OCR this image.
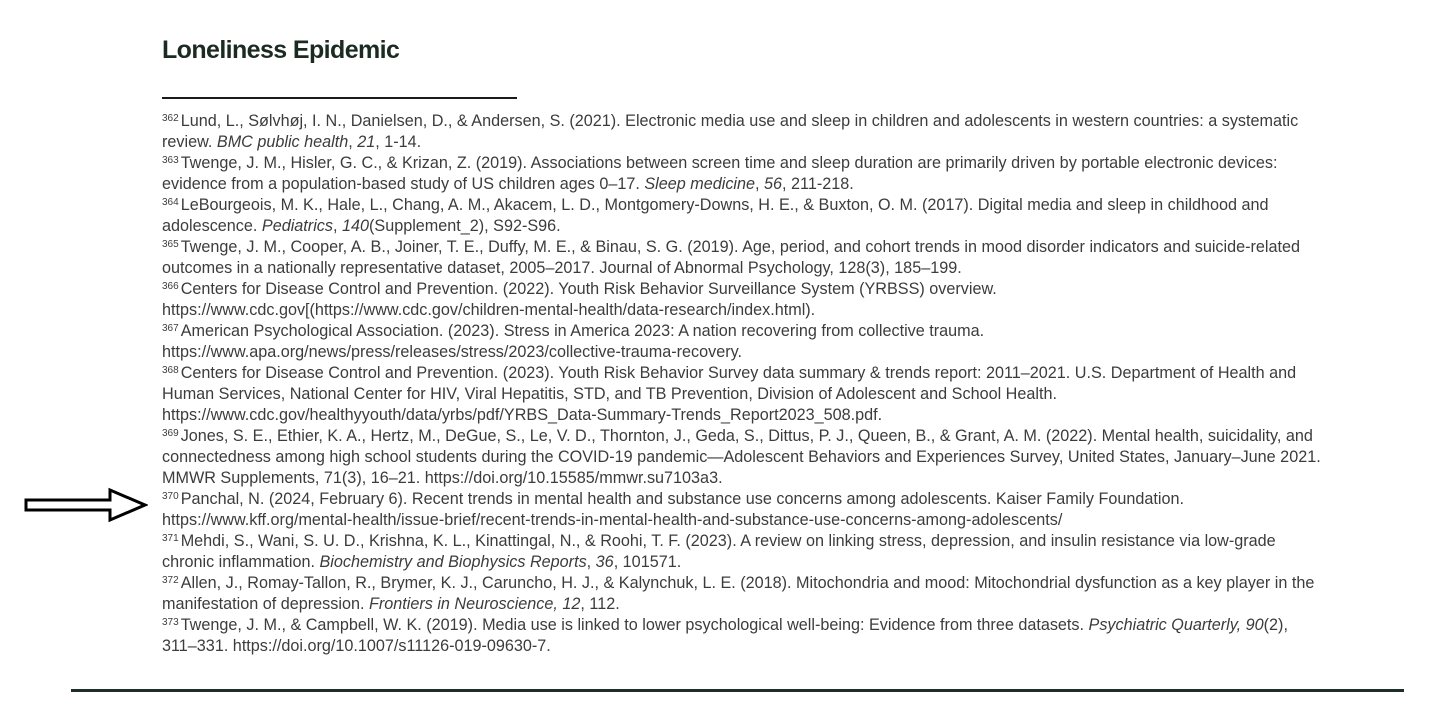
Loneliness Epidemic

$^{362}$ Lund, L., Sølvhøj, I. N., Danielsen, D., & Andersen, S. (2021). Electronic media use and sleep in children and adolescents in western countries: a systematic review. BMC public health, 21, 1-14.

$^{363}$ Twenge, J. M., Hisler, G. C., & Krizan, Z. (2019). Associations between screen time and sleep duration are primarily driven by portable electronic devices: evidence from a population-based study of US children ages 0–17. Sleep medicine, 56, 211-218.

$^{364}$ LeBourgeois, M. K., Hale, L., Chang, A. M., Akacem, L. D., Montgomery-Downs, H. E., & Buxton, O. M. (2017). Digital media and sleep in childhood and adolescence. Pediatrics, 140(Supplement_2), S92-S96.

$^{365}$ Twenge, J. M., Cooper, A. B., Joiner, T. E., Duffy, M. E., & Binau, S. G. (2019). Age, period, and cohort trends in mood disorder indicators and suicide-related outcomes in a nationally representative dataset, 2005–2017. Journal of Abnormal Psychology, 128(3), 185–199.

$^{366}$ Centers for Disease Control and Prevention. (2022). Youth Risk Behavior Surveillance System (YRBSS) overview. https://www.cdc.gov[(https://www.cdc.gov/children-mental-health/data-research/index.html).

$^{367}$ American Psychological Association. (2023). Stress in America 2023: A nation recovering from collective trauma. https://www.apa.org/news/press/releases/stress/2023/collective-trauma-recovery.

$^{368}$ Centers for Disease Control and Prevention. (2023). Youth Risk Behavior Survey data summary & trends report: 2011–2021. U.S. Department of Health and Human Services, National Center for HIV, Viral Hepatitis, STD, and TB Prevention, Division of Adolescent and School Health. https://www.cdc.gov/healthyyouth/data/yrbs/pdf/YRBS_Data-Summary-Trends_Report2023_508.pdf.

$^{369}$ Jones, S. E., Ethier, K. A., Hertz, M., DeGue, S., Le, V. D., Thornton, J., Geda, S., Dittus, P. J., Queen, B., & Grant, A. M. (2022). Mental health, suicidality, and connectedness among high school students during the COVID-19 pandemic—Adolescent Behaviors and Experiences Survey, United States, January–June 2021. MMWR Supplements, 71(3), 16–21. https://doi.org/10.15585/mmwr.su7103a3.

$^{370}$ Panchal, N. (2024, February 6). Recent trends in mental health and substance use concerns among adolescents. Kaiser Family Foundation. https://www.kff.org/mental-health/issue-brief/recent-trends-in-mental-health-and-substance-use-concerns-among-adolescents/

$^{371}$ Mehdi, S., Wani, S. U. D., Krishna, K. L., Kinattingal, N., & Roohi, T. F. (2023). A review on linking stress, depression, and insulin resistance via low-grade chronic inflammation. Biochemistry and Biophysics Reports, 36, 101571.

$^{372}$ Allen, J., Romay-Tallon, R., Brymer, K. J., Caruncho, H. J., & Kalynchuk, L. E. (2018). Mitochondria and mood: Mitochondrial dysfunction as a key player in the manifestation of depression. Frontiers in Neuroscience, 12, 112.

$^{373}$ Twenge, J. M., & Campbell, W. K. (2019). Media use is linked to lower psychological well-being: Evidence from three datasets. Psychiatric Quarterly, 90(2), 311–331. https://doi.org/10.1007/s11126-019-09630-7.
